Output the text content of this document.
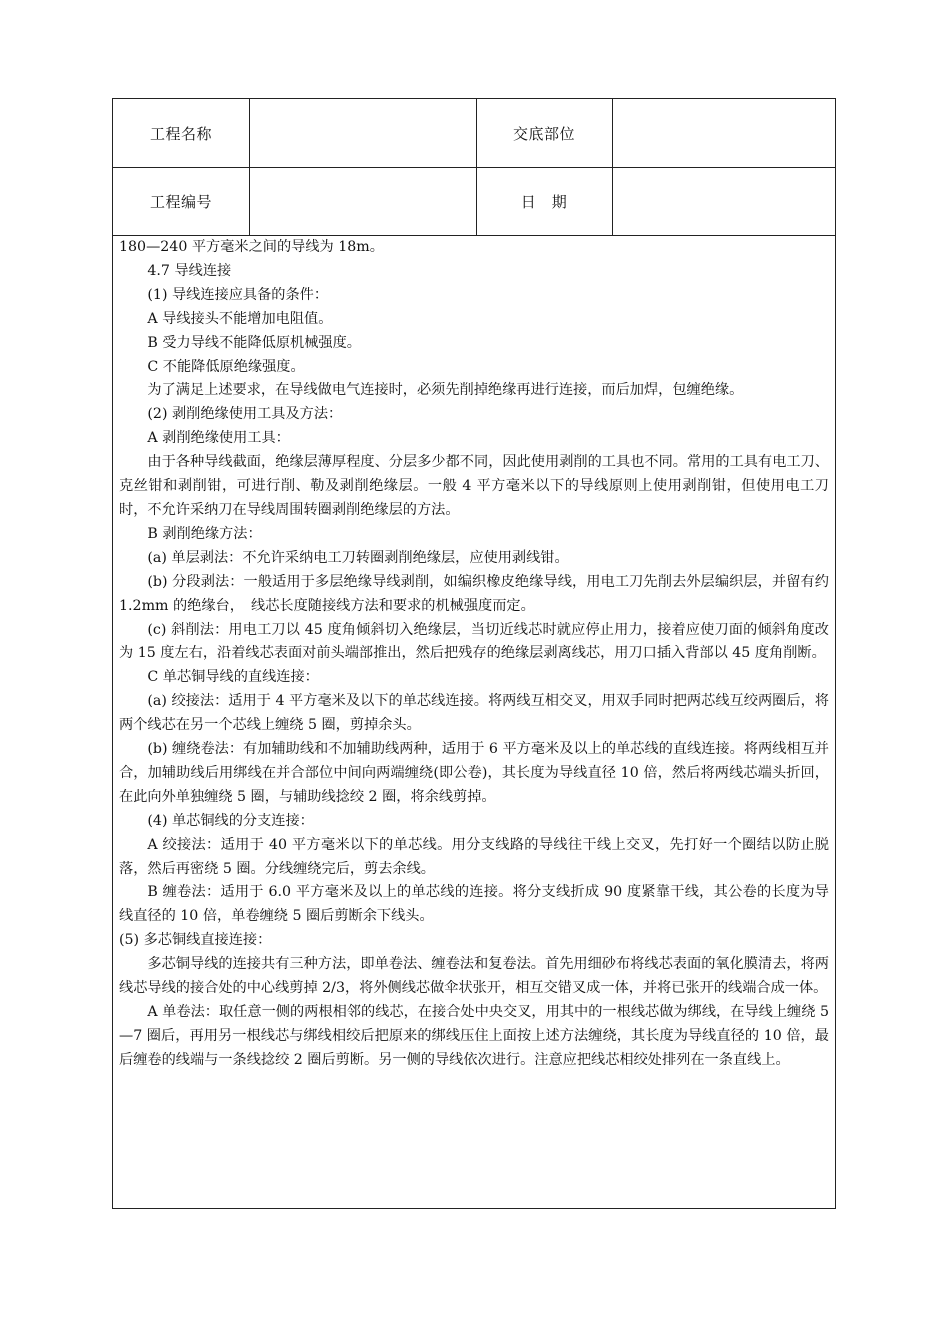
工程名称	交底部位
工程编号	日　期

180—240 平方毫米之间的导线为 18m。

4.7 导线连接

(1) 导线连接应具备的条件：

A 导线接头不能增加电阻值。

B 受力导线不能降低原机械强度。

C 不能降低原绝缘强度。

为了满足上述要求，在导线做电气连接时，必须先削掉绝缘再进行连接，而后加焊，包缠绝缘。

(2) 剥削绝缘使用工具及方法：

A 剥削绝缘使用工具：

由于各种导线截面，绝缘层薄厚程度、分层多少都不同，因此使用剥削的工具也不同。常用的工具有电工刀、克丝钳和剥削钳，可进行削、勒及剥削绝缘层。一般 4 平方毫米以下的导线原则上使用剥削钳，但使用电工刀时，不允许采纳刀在导线周围转圈剥削绝缘层的方法。

B 剥削绝缘方法：

(a) 单层剥法：不允许采纳电工刀转圈剥削绝缘层，应使用剥线钳。

(b) 分段剥法：一般适用于多层绝缘导线剥削，如编织橡皮绝缘导线，用电工刀先削去外层编织层，并留有约 1.2mm 的绝缘台，　线芯长度随接线方法和要求的机械强度而定。

(c) 斜削法：用电工刀以 45 度角倾斜切入绝缘层，当切近线芯时就应停止用力，接着应使刀面的倾斜角度改为 15 度左右，沿着线芯表面对前头端部推出，然后把残存的绝缘层剥离线芯，用刀口插入背部以 45 度角削断。

C 单芯铜导线的直线连接：

(a) 绞接法：适用于 4 平方毫米及以下的单芯线连接。将两线互相交叉，用双手同时把两芯线互绞两圈后，将两个线芯在另一个芯线上缠绕 5 圈，剪掉余头。

(b) 缠绕卷法：有加辅助线和不加辅助线两种，适用于 6 平方毫米及以上的单芯线的直线连接。将两线相互并合，加辅助线后用绑线在并合部位中间向两端缠绕(即公卷)，其长度为导线直径 10 倍，然后将两线芯端头折回，在此向外单独缠绕 5 圈，与辅助线捻绞 2 圈，将余线剪掉。

(4) 单芯铜线的分支连接：

A 绞接法：适用于 40 平方毫米以下的单芯线。用分支线路的导线往干线上交叉，先打好一个圈结以防止脱落，然后再密绕 5 圈。分线缠绕完后，剪去余线。

B 缠卷法：适用于 6.0 平方毫米及以上的单芯线的连接。将分支线折成 90 度紧靠干线，其公卷的长度为导线直径的 10 倍，单卷缠绕 5 圈后剪断余下线头。

(5) 多芯铜线直接连接：

多芯铜导线的连接共有三种方法，即单卷法、缠卷法和复卷法。首先用细砂布将线芯表面的氧化膜清去，将两线芯导线的接合处的中心线剪掉 2/3，将外侧线芯做伞状张开，相互交错叉成一体，并将已张开的线端合成一体。

A 单卷法：取任意一侧的两根相邻的线芯，在接合处中央交叉，用其中的一根线芯做为绑线，在导线上缠绕 5—7 圈后，再用另一根线芯与绑线相绞后把原来的绑线压住上面按上述方法缠绕，其长度为导线直径的 10 倍，最后缠卷的线端与一条线捻绞 2 圈后剪断。另一侧的导线依次进行。注意应把线芯相绞处排列在一条直线上。
